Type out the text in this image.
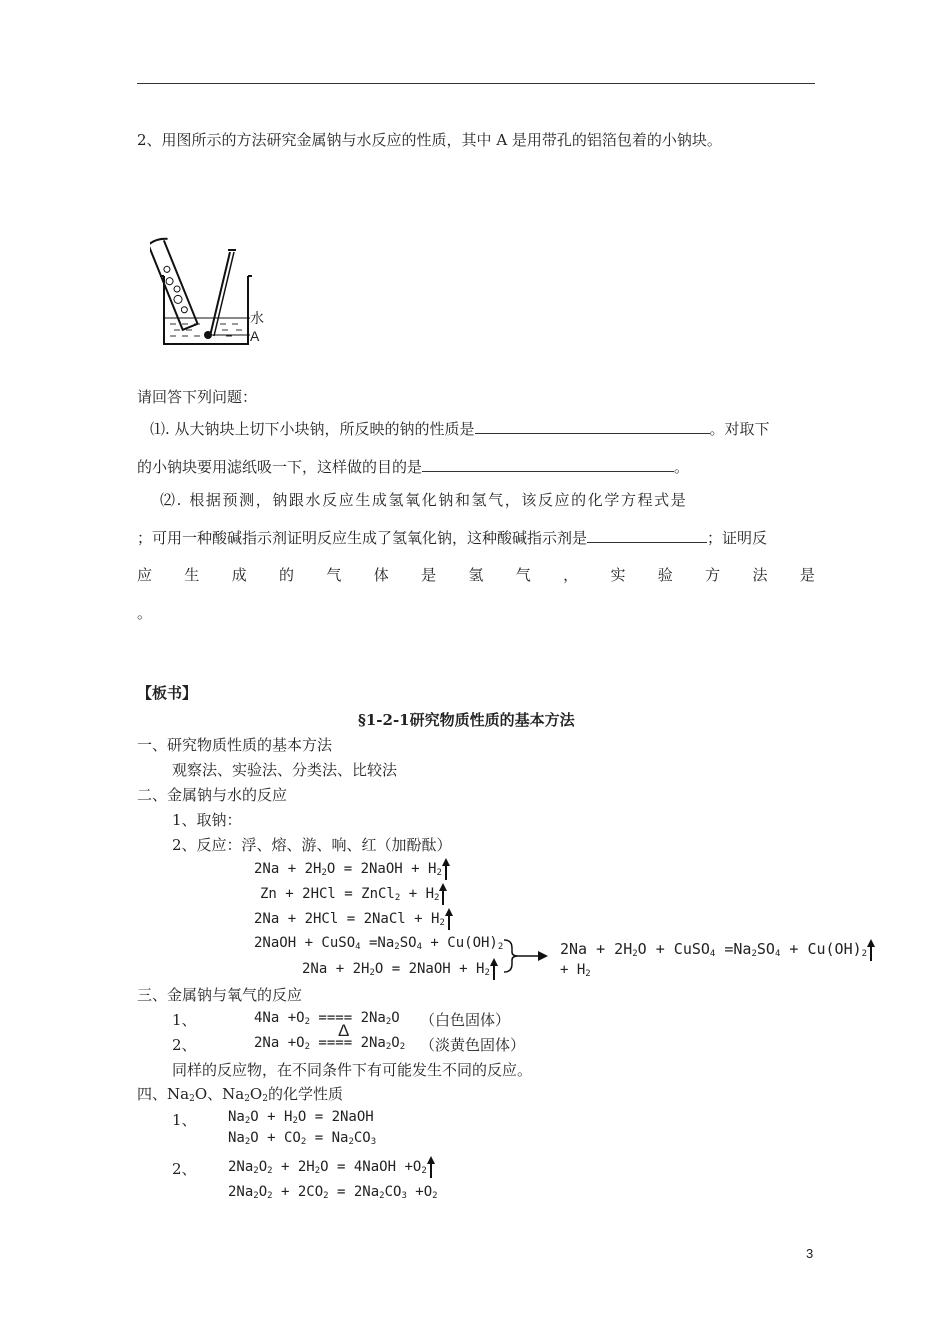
2、用图所示的方法研究金属钠与水反应的性质，其中 A 是用带孔的铝箔包着的小钠块。
水
A
请回答下列问题：
⑴. 从大钠块上切下小块钠，所反映的钠的性质是	。对取下
的小钠块要用滤纸吸一下，这样做的目的是	。
⑵. 根据预测，钠跟水反应生成氢氧化钠和氢气，该反应的化学方程式是
；可用一种酸碱指示剂证明反应生成了氢氧化钠，这种酸碱指示剂是	；证明反
应 生 成 的 气 体 是 氢 气 ， 实 验 方 法 是
。
【板书】
§1-2-1研究物质性质的基本方法
一、研究物质性质的基本方法
观察法、实验法、分类法、比较法
二、金属钠与水的反应
1、取钠：
2、反应：浮、熔、游、响、红（加酚酞）
$2Na + 2H_2O$ = 2NaOH + $H_2$
Zn + 2HCl = ZnCl$_2$ + $H_2$
2Na + 2HCl = 2NaCl + $H_2$
2NaOH + CuSO$_4$ $=Na_2SO_4 + Cu(OH)_2$
$2Na + 2H_2O$ = 2NaOH + $H_2$
$2Na + 2H_2O$ + CuSO$_4$ $=Na_2SO_4 + Cu(OH)_2$
+ $H_2$
三、金属钠与氧气的反应
1、	$4Na +O_2$ ==== $2Na_2O$ （白色固体）
Δ
2、	$2Na +O_2$ ==== $2Na_2O_2$ （淡黄色固体）
同样的反应物，在不同条件下有可能发生不同的反应。
四、$Na_2O$、$Na_2O_2$的化学性质
1、 $Na_2O + H_2O$ = 2NaOH
$Na_2O + CO_2 = Na_2CO_3$
2、 $2Na_2O_2 + 2H_2O$ = 4NaOH $+O_2$
$2Na_2O_2 + 2CO_2 = 2Na_2CO_3 +O_2$
3
